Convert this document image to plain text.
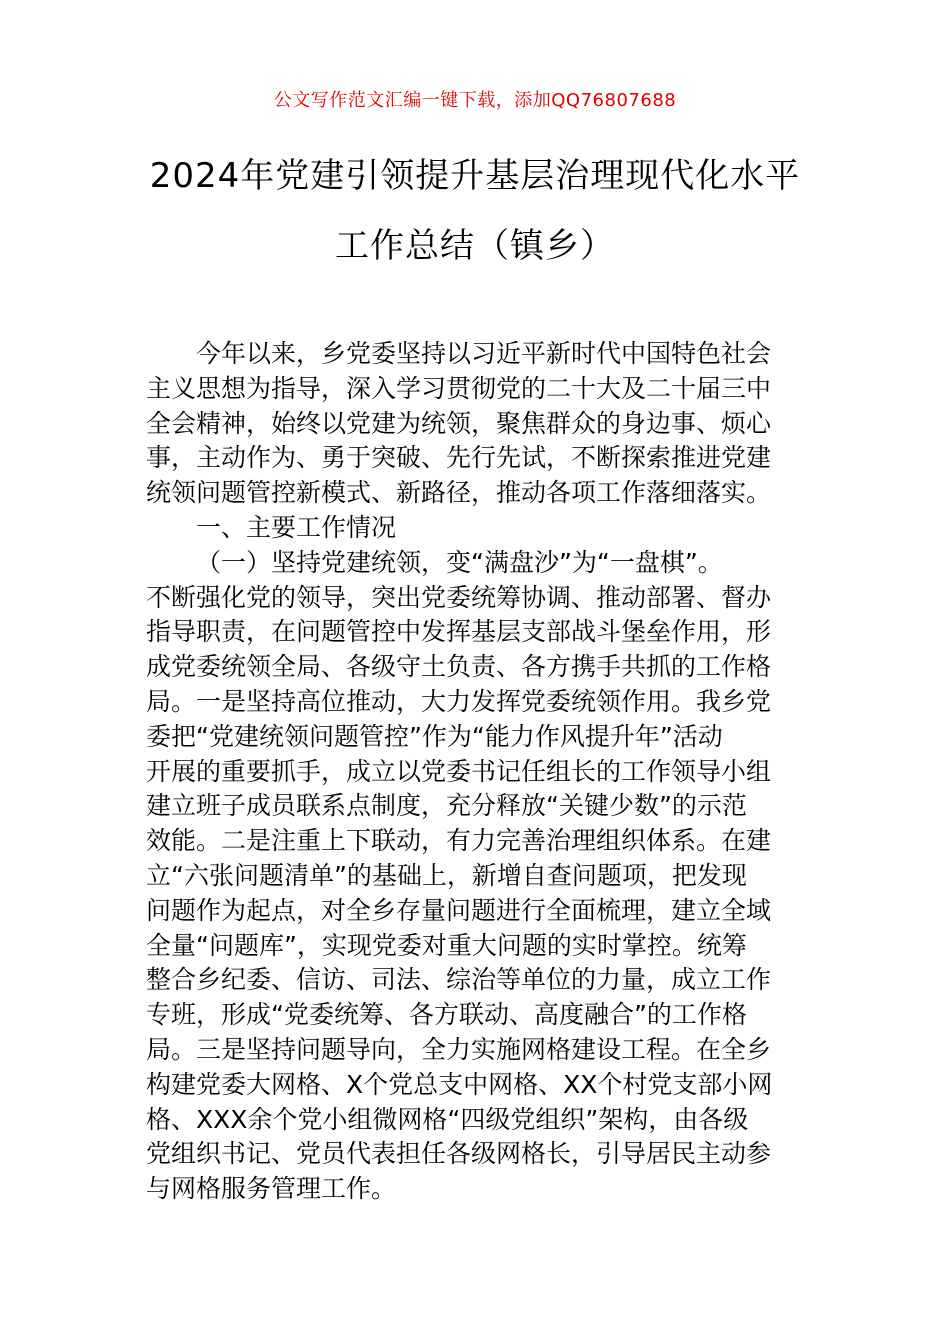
公文写作范文汇编一键下载，添加QQ76807688
2024年党建引领提升基层治理现代化水平
工作总结（镇乡）
今年以来，乡党委坚持以习近平新时代中国特色社会
主义思想为指导，深入学习贯彻党的二十大及二十届三中
全会精神，始终以党建为统领，聚焦群众的身边事、烦心
事，主动作为、勇于突破、先行先试，不断探索推进党建
统领问题管控新模式、新路径，推动各项工作落细落实。
一、主要工作情况
（一）坚持党建统领，变“满盘沙”为“一盘棋”。
不断强化党的领导，突出党委统筹协调、推动部署、督办
指导职责，在问题管控中发挥基层支部战斗堡垒作用，形
成党委统领全局、各级守土负责、各方携手共抓的工作格
局。一是坚持高位推动，大力发挥党委统领作用。我乡党
委把“党建统领问题管控”作为“能力作风提升年”活动
开展的重要抓手，成立以党委书记任组长的工作领导小组
建立班子成员联系点制度，充分释放“关键少数”的示范
效能。二是注重上下联动，有力完善治理组织体系。在建
立“六张问题清单”的基础上，新增自查问题项，把发现
问题作为起点，对全乡存量问题进行全面梳理，建立全域
全量“问题库”，实现党委对重大问题的实时掌控。统筹
整合乡纪委、信访、司法、综治等单位的力量，成立工作
专班，形成“党委统筹、各方联动、高度融合”的工作格
局。三是坚持问题导向，全力实施网格建设工程。在全乡
构建党委大网格、X个党总支中网格、XX个村党支部小网
格、XXX余个党小组微网格“四级党组织”架构，由各级
党组织书记、党员代表担任各级网格长，引导居民主动参
与网格服务管理工作。
